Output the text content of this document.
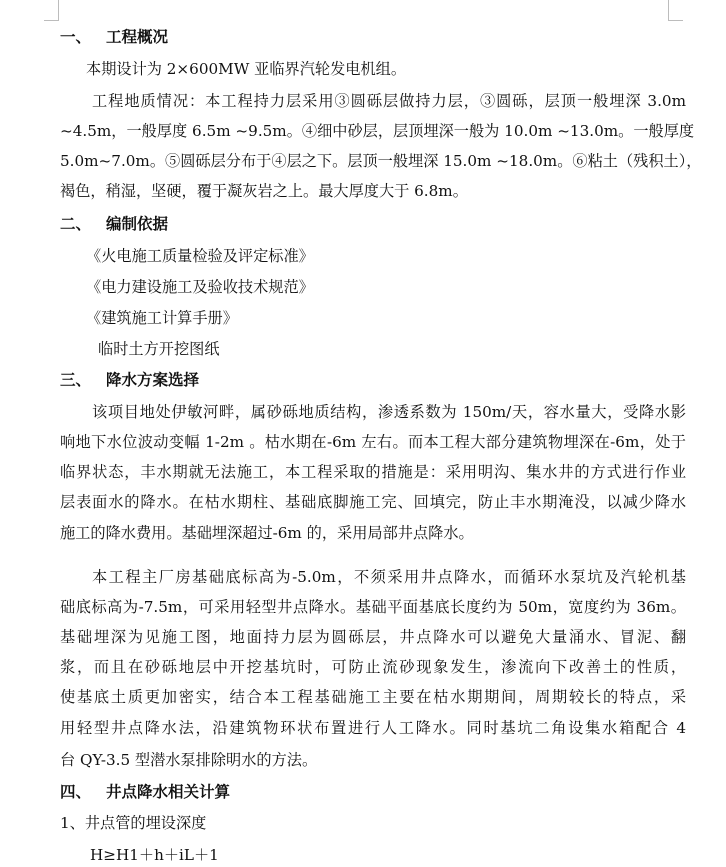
一、 工程概况
本期设计为 2×600MW 亚临界汽轮发电机组。
工程地质情况：本工程持力层采用③圆砾层做持力层，③圆砾，层顶一般埋深 3.0m
~4.5m，一般厚度 6.5m ~9.5m。④细中砂层，层顶埋深一般为 10.0m ~13.0m。一般厚度
5.0m~7.0m。⑤圆砾层分布于④层之下。层顶一般埋深 15.0m ~18.0m。⑥粘土（残积土），
褐色，稍湿，坚硬，覆于凝灰岩之上。最大厚度大于 6.8m。
二、 编制依据
《火电施工质量检验及评定标准》
《电力建设施工及验收技术规范》
《建筑施工计算手册》
临时土方开挖图纸
三、 降水方案选择
该项目地处伊敏河畔，属砂砾地质结构，渗透系数为 150m/天，容水量大，受降水影
响地下水位波动变幅 1-2m 。枯水期在-6m 左右。而本工程大部分建筑物埋深在-6m，处于
临界状态，丰水期就无法施工，本工程采取的措施是：采用明沟、集水井的方式进行作业
层表面水的降水。在枯水期柱、基础底脚施工完、回填完，防止丰水期淹没，以减少降水
施工的降水费用。基础埋深超过-6m 的，采用局部井点降水。
本工程主厂房基础底标高为-5.0m，不须采用井点降水，而循环水泵坑及汽轮机基
础底标高为-7.5m，可采用轻型井点降水。基础平面基底长度约为 50m，宽度约为 36m。
基础埋深为见施工图，地面持力层为圆砾层，井点降水可以避免大量涌水、冒泥、翻
浆，而且在砂砾地层中开挖基坑时，可防止流砂现象发生，渗流向下改善土的性质，
使基底土质更加密实，结合本工程基础施工主要在枯水期期间，周期较长的特点，采
用轻型井点降水法，沿建筑物环状布置进行人工降水。同时基坑二角设集水箱配合 4
台 QY-3.5 型潜水泵排除明水的方法。
四、 井点降水相关计算
1、井点管的埋设深度
H≥H1＋h＋iL＋1
